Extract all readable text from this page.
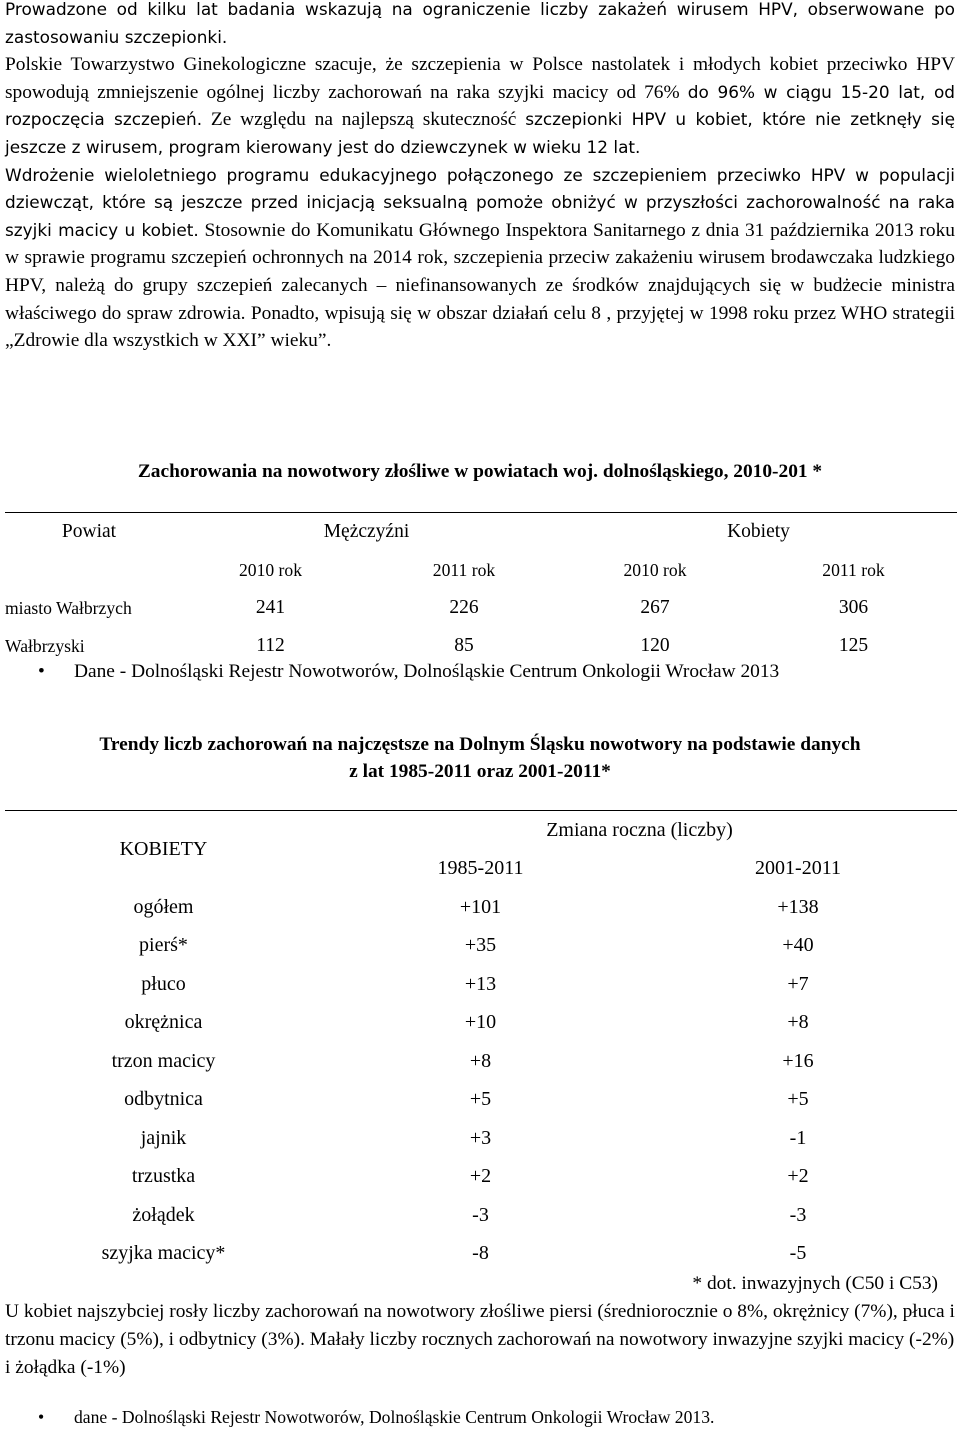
Prowadzone od kilku lat badania wskazują na ograniczenie liczby zakażeń wirusem HPV, obserwowane po zastosowaniu szczepionki.
Polskie Towarzystwo Ginekologiczne szacuje, że szczepienia w Polsce nastolatek i młodych kobiet przeciwko HPV spowodują zmniejszenie ogólnej liczby zachorowań na raka szyjki macicy od 76% do 96% w ciągu 15-20 lat, od rozpoczęcia szczepień. Ze względu na najlepszą skuteczność szczepionki HPV u kobiet, które nie zetknęły się jeszcze z wirusem, program kierowany jest do dziewczynek w wieku 12 lat.
Wdrożenie wieloletniego programu edukacyjnego połączonego ze szczepieniem przeciwko HPV w populacji dziewcząt, które są jeszcze przed inicjacją seksualną pomoże obniżyć w przyszłości zachorowalność na raka szyjki macicy u kobiet. Stosownie do Komunikatu Głównego Inspektora Sanitarnego z dnia 31 października 2013 roku w sprawie programu szczepień ochronnych na 2014 rok, szczepienia przeciw zakażeniu wirusem brodawczaka ludzkiego HPV, należą do grupy szczepień zalecanych – niefinansowanych ze środków znajdujących się w budżecie ministra właściwego do spraw zdrowia. Ponadto, wpisują się w obszar działań celu 8 , przyjętej w 1998 roku przez WHO strategii „Zdrowie dla wszystkich w XXI” wieku”.

Zachorowania na nowotwory złośliwe w powiatach woj. dolnośląskiego, 2010-201 *

Powiat	Mężczyźni		Kobiety	
	2010 rok	2011 rok	2010 rok	2011 rok
miasto Wałbrzych	241	226	267	306
Wałbrzyski	112	85	120	125

• Dane - Dolnośląski Rejestr Nowotworów, Dolnośląskie Centrum Onkologii Wrocław 2013

Trendy liczb zachorowań na najczęstsze na Dolnym Śląsku nowotwory na podstawie danych
z lat 1985-2011 oraz 2001-2011*

KOBIETY	Zmiana roczna (liczby)	
	1985-2011	2001-2011
ogółem	+101	+138
pierś*	+35	+40
płuco	+13	+7
okrężnica	+10	+8
trzon macicy	+8	+16
odbytnica	+5	+5
jajnik	+3	-1
trzustka	+2	+2
żołądek	-3	-3
szyjka macicy*	-8	-5

* dot. inwazyjnych (C50 i C53)

U kobiet najszybciej rosły liczby zachorowań na nowotwory złośliwe piersi (średniorocznie o 8%, okrężnicy (7%), płuca i trzonu macicy (5%), i odbytnicy (3%). Małały liczby rocznych zachorowań na nowotwory inwazyjne szyjki macicy (-2%) i żołądka (-1%)

• dane - Dolnośląski Rejestr Nowotworów, Dolnośląskie Centrum Onkologii Wrocław 2013.
